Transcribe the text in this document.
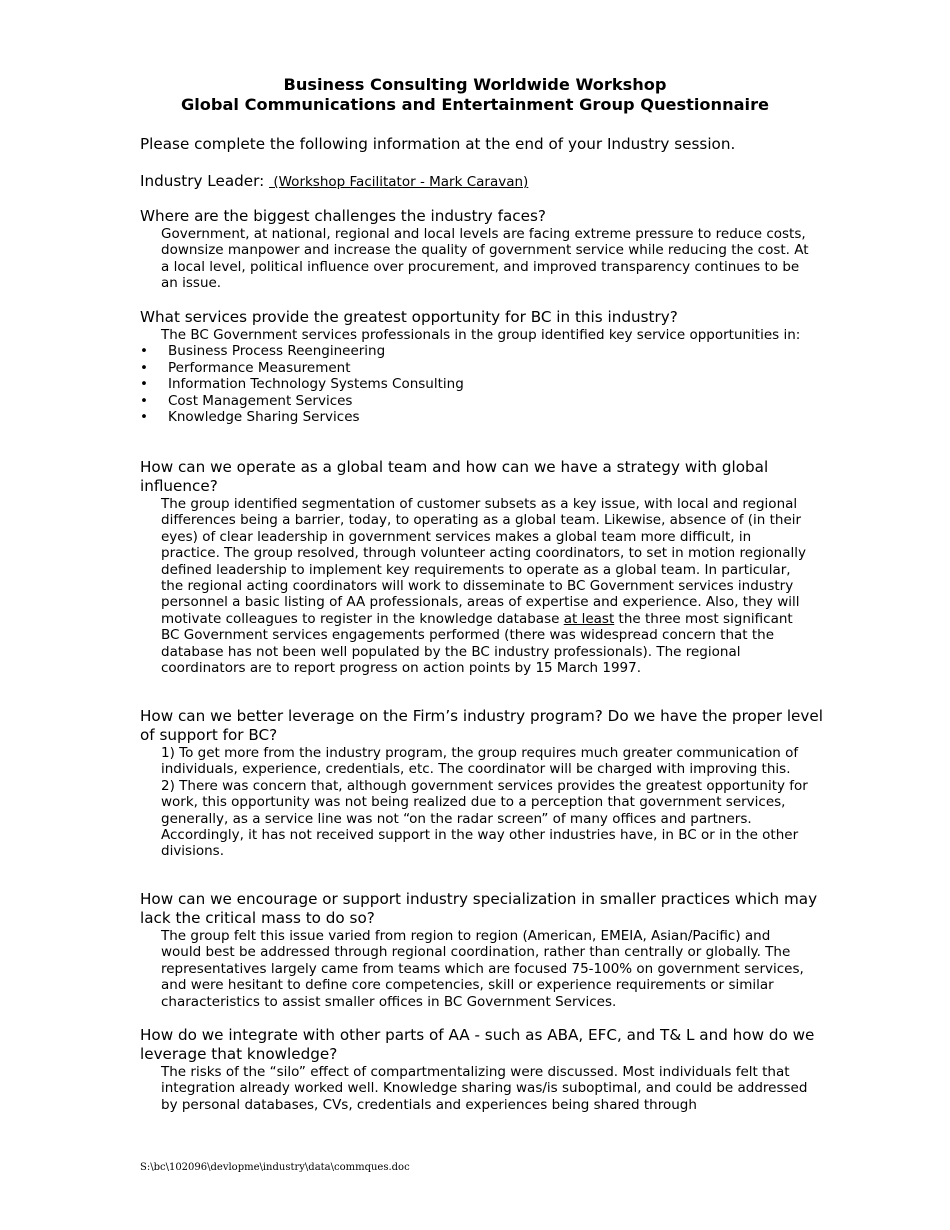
Business Consulting Worldwide Workshop
Global Communications and Entertainment Group Questionnaire

Please complete the following information at the end of your Industry session.

Industry Leader: (Workshop Facilitator - Mark Caravan)

Where are the biggest challenges the industry faces?

Government, at national, regional and local levels are facing extreme pressure to reduce costs, downsize manpower and increase the quality of government service while reducing the cost. At a local level, political influence over procurement, and improved transparency continues to be an issue.

What services provide the greatest opportunity for BC in this industry?

The BC Government services professionals in the group identified key service opportunities in:

• Business Process Reengineering
• Performance Measurement
• Information Technology Systems Consulting
• Cost Management Services
• Knowledge Sharing Services

How can we operate as a global team and how can we have a strategy with global influence?

The group identified segmentation of customer subsets as a key issue, with local and regional differences being a barrier, today, to operating as a global team. Likewise, absence of (in their eyes) of clear leadership in government services makes a global team more difficult, in practice. The group resolved, through volunteer acting coordinators, to set in motion regionally defined leadership to implement key requirements to operate as a global team. In particular, the regional acting coordinators will work to disseminate to BC Government services industry personnel a basic listing of AA professionals, areas of expertise and experience. Also, they will motivate colleagues to register in the knowledge database at least the three most significant BC Government services engagements performed (there was widespread concern that the database has not been well populated by the BC industry professionals). The regional coordinators are to report progress on action points by 15 March 1997.

How can we better leverage on the Firm’s industry program? Do we have the proper level of support for BC?

1) To get more from the industry program, the group requires much greater communication of individuals, experience, credentials, etc. The coordinator will be charged with improving this.

2) There was concern that, although government services provides the greatest opportunity for work, this opportunity was not being realized due to a perception that government services, generally, as a service line was not “on the radar screen” of many offices and partners. Accordingly, it has not received support in the way other industries have, in BC or in the other divisions.

How can we encourage or support industry specialization in smaller practices which may lack the critical mass to do so?

The group felt this issue varied from region to region (American, EMEIA, Asian/Pacific) and would best be addressed through regional coordination, rather than centrally or globally. The representatives largely came from teams which are focused 75-100% on government services, and were hesitant to define core competencies, skill or experience requirements or similar characteristics to assist smaller offices in BC Government Services.

How do we integrate with other parts of AA - such as ABA, EFC, and T& L and how do we leverage that knowledge?

The risks of the “silo” effect of compartmentalizing were discussed. Most individuals felt that integration already worked well. Knowledge sharing was/is suboptimal, and could be addressed by personal databases, CVs, credentials and experiences being shared through

S:\bc\102096\devlopme\industry\data\commques.doc
